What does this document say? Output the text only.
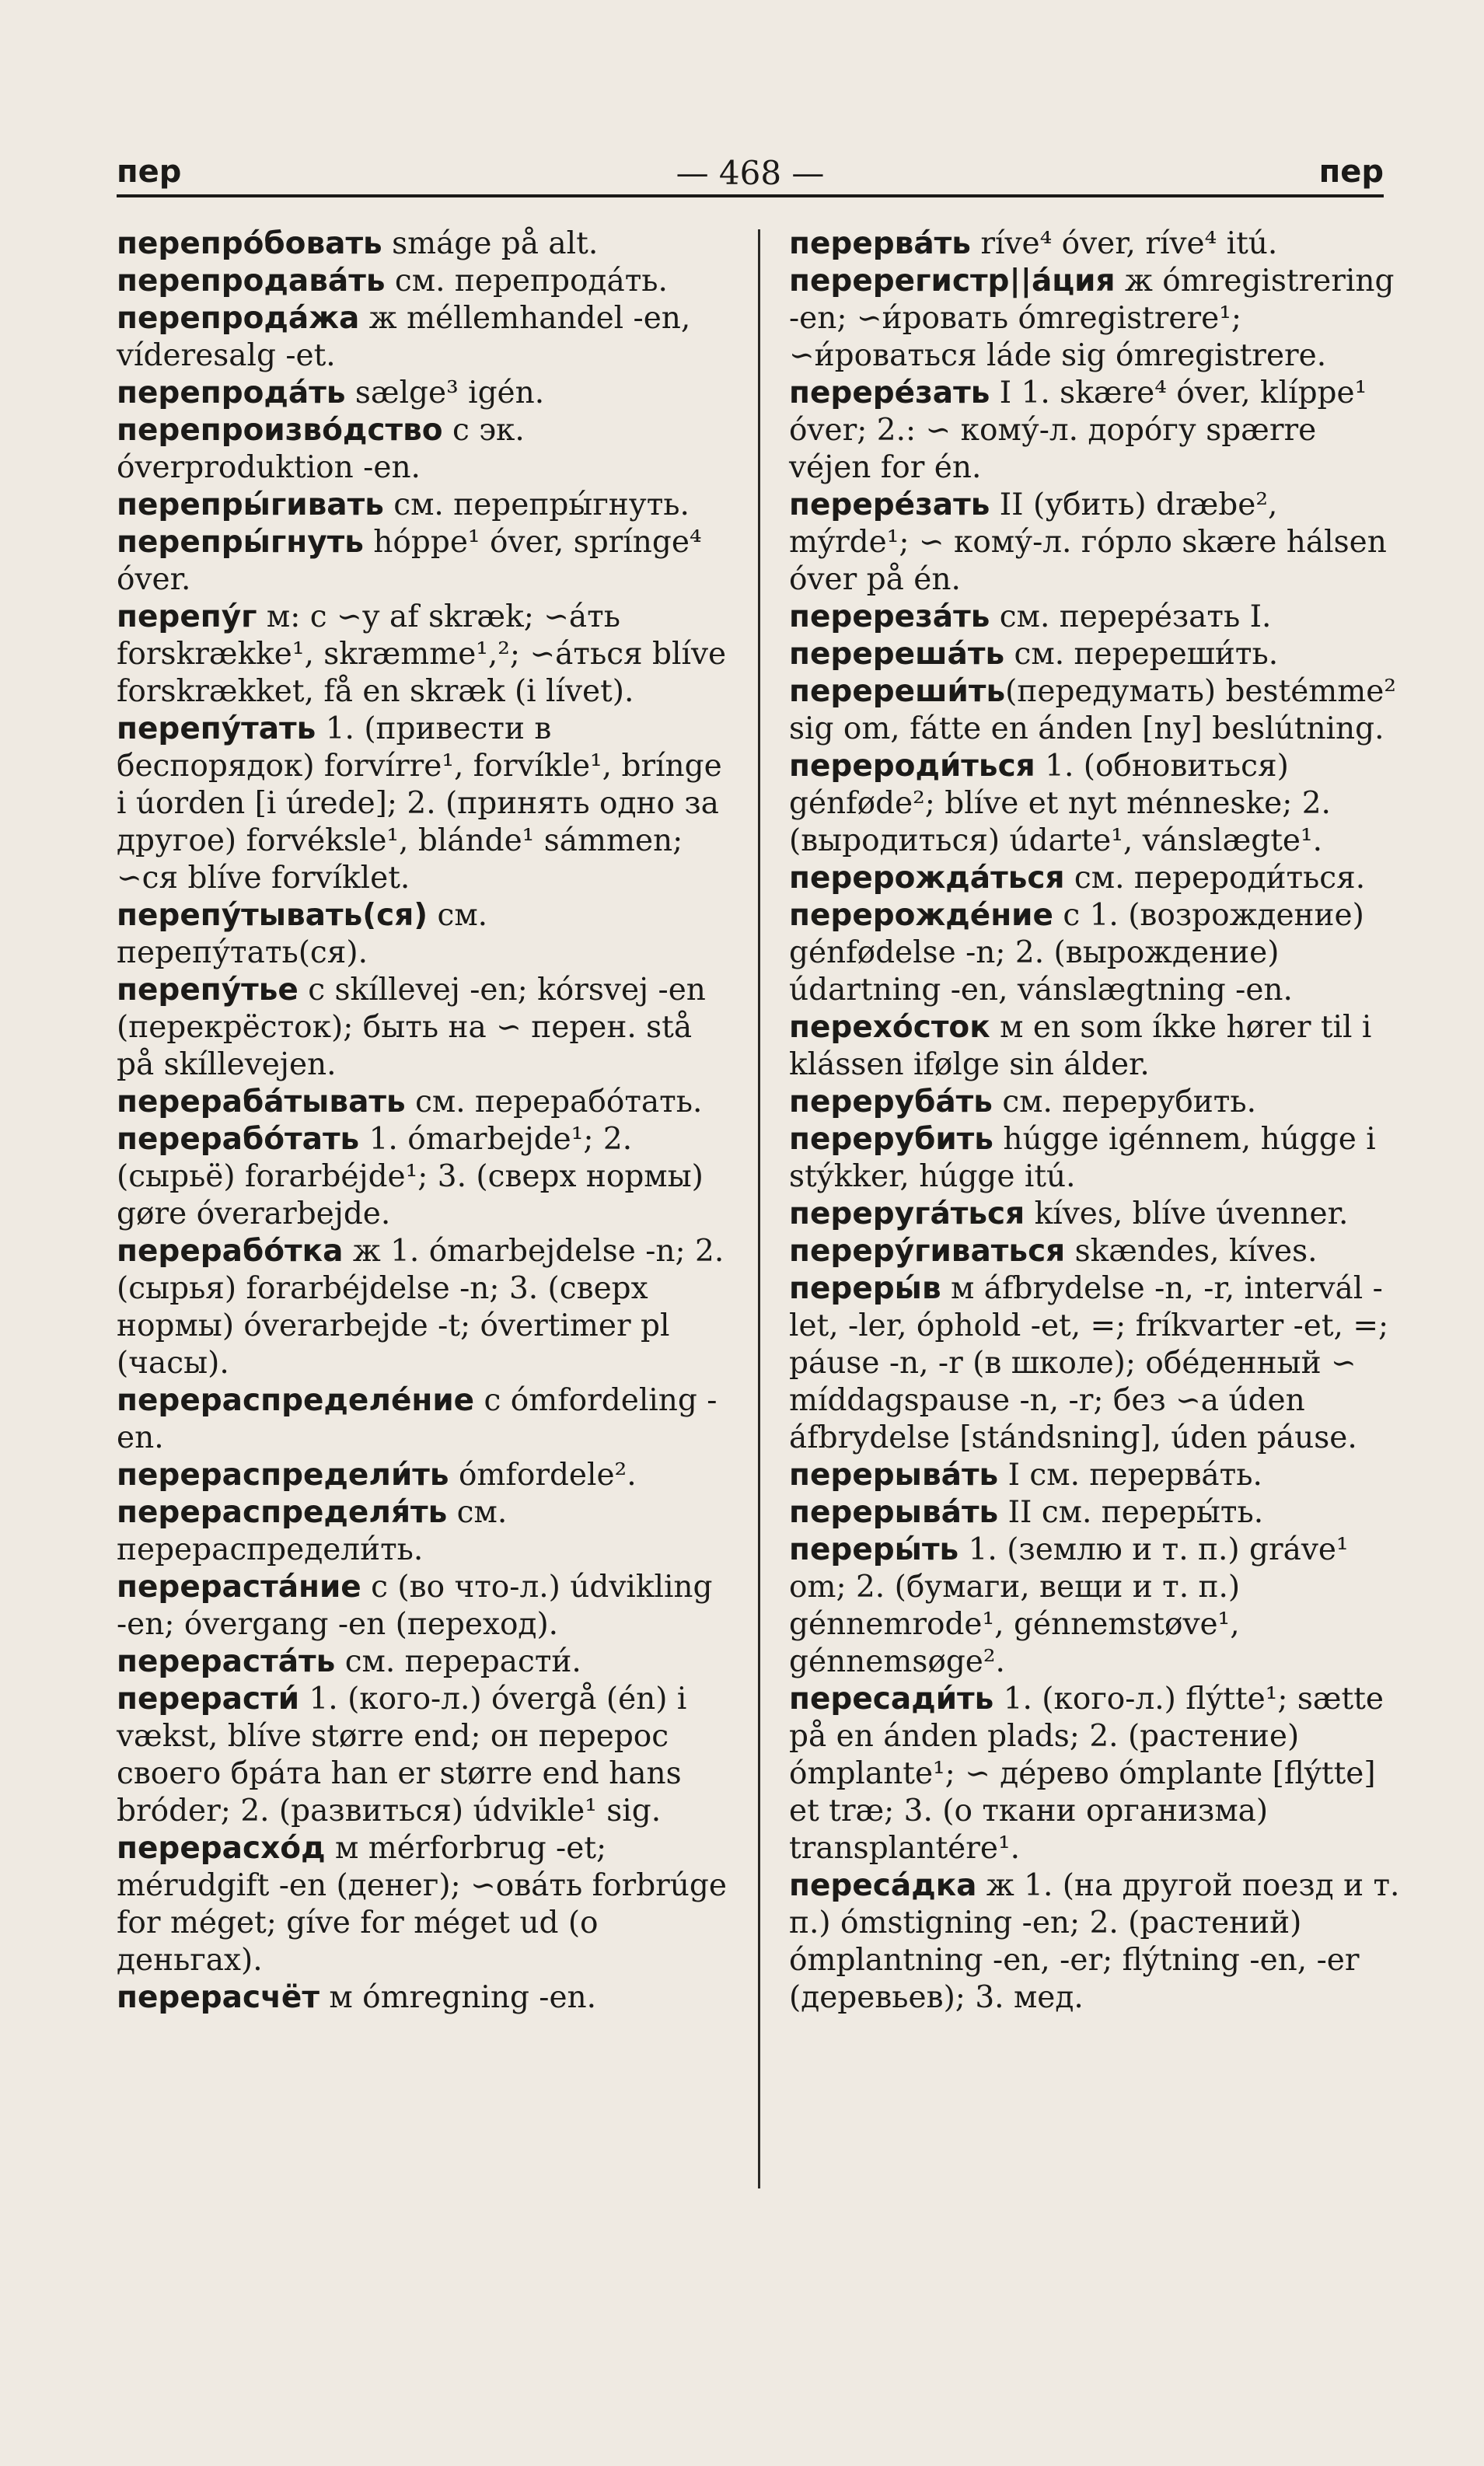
пер	— 468 —	пер
перепро́бовать smáge på alt.
перепродава́ть см. перепрода́ть.
перепрода́жа ж méllemhandel -en, víderesalg -et.
перепрода́ть sælge³ igén.
перепроизво́дство с эк. óverproduktion -en.
перепры́гивать см. перепры́гнуть.
перепры́гнуть hóppe¹ óver, sprínge⁴ óver.
перепу́г м: с ∽у af skræk; ∽а́ть forskrække¹, skræmme¹,²; ∽а́ться blíve forskrækket, få en skræk (i lívet).
перепу́тать 1. (привести в беспорядок) forvírre¹, forvíkle¹, brínge i úorden [i úrede]; 2. (принять одно за другое) forvéksle¹, blánde¹ sámmen; ∽ся blíve forvíklet.
перепу́тывать(ся) см. перепу́тать(ся).
перепу́тье с skíllevej -en; kórsvej -en (перекрёсток); быть на ∽ перен. stå på skíllevejen.
перераба́тывать см. перерабо́тать.
перерабо́тать 1. ómarbejde¹; 2. (сырьё) forarbéjde¹; 3. (сверх нормы) gøre óverarbejde.
перерабо́тка ж 1. ómarbejdelse -n; 2. (сырья) forarbéjdelse -n; 3. (сверх нормы) óverarbejde -t; óvertimer pl (часы).
перераспределе́ние с ómfordeling -en.
перераспредели́ть ómfordele².
перераспределя́ть см. перераспредели́ть.
перераста́ние с (во что-л.) údvikling -en; óvergang -en (переход).
перераста́ть см. перерасти́.
перерасти́ 1. (кого-л.) óvergå (én) i vækst, blíve større end; он перерос своего бра́та han er større end hans bróder; 2. (развиться) údvikle¹ sig.
перерасхо́д м mérforbrug -et; mérudgift -en (денег); ∽ова́ть forbrúge for méget; gíve for méget ud (о деньгах).
перерасчёт м ómregning -en.
перерва́ть ríve⁴ óver, ríve⁴ itú.
перерегистр||а́ция ж ómregistrering -en; ∽и́ровать ómregistrere¹; ∽и́роваться láde sig ómregistrere.
перере́зать I 1. skære⁴ óver, klíppe¹ óver; 2.: ∽ кому́-л. доро́гу spærre véjen for én.
перере́зать II (убить) dræbe², mýrde¹; ∽ кому́-л. го́рло skære hálsen óver på én.
перереза́ть см. перере́зать I.
перереша́ть см. перереши́ть.
перереши́ть(передумать) bestémme² sig om, fátte en ánden [ny] beslútning.
перероди́ться 1. (обновиться) génføde²; blíve et nyt ménneske; 2. (выродиться) údarte¹, vánslægte¹.
перерожда́ться см. перероди́ться.
перерожде́ние с 1. (возрождение) génfødelse -n; 2. (вырождение) údartning -en, vánslægtning -en.
перехо́сток м en som íkke hører til i klássen ifølge sin álder.
переруба́ть см. перерубить.
перерубить húgge igénnem, húgge i stýkker, húgge itú.
переруга́ться kíves, blíve úvenner.
переру́гиваться skændes, kíves.
переры́в м áfbrydelse -n, -r, intervál -let, -ler, óphold -et, =; fríkvarter -et, =; páuse -n, -r (в школе); обе́денный ∽ míddagspause -n, -r; без ∽а úden áfbrydelse [stándsning], úden páuse.
перерыва́ть I см. перерва́ть.
перерыва́ть II см. переры́ть.
переры́ть 1. (землю и т. п.) gráve¹ om; 2. (бумаги, вещи и т. п.) génnemrode¹, génnemstøve¹, génnemsøge².
пересади́ть 1. (кого-л.) flýtte¹; sætte på en ánden plads; 2. (растение) ómplante¹; ∽ де́рево ómplante [flýtte] et træ; 3. (о ткани организма) transplantére¹.
переса́дка ж 1. (на другой поезд и т. п.) ómstigning -en; 2. (растений) ómplantning -en, -er; flýtning -en, -er (деревьев); 3. мед.
